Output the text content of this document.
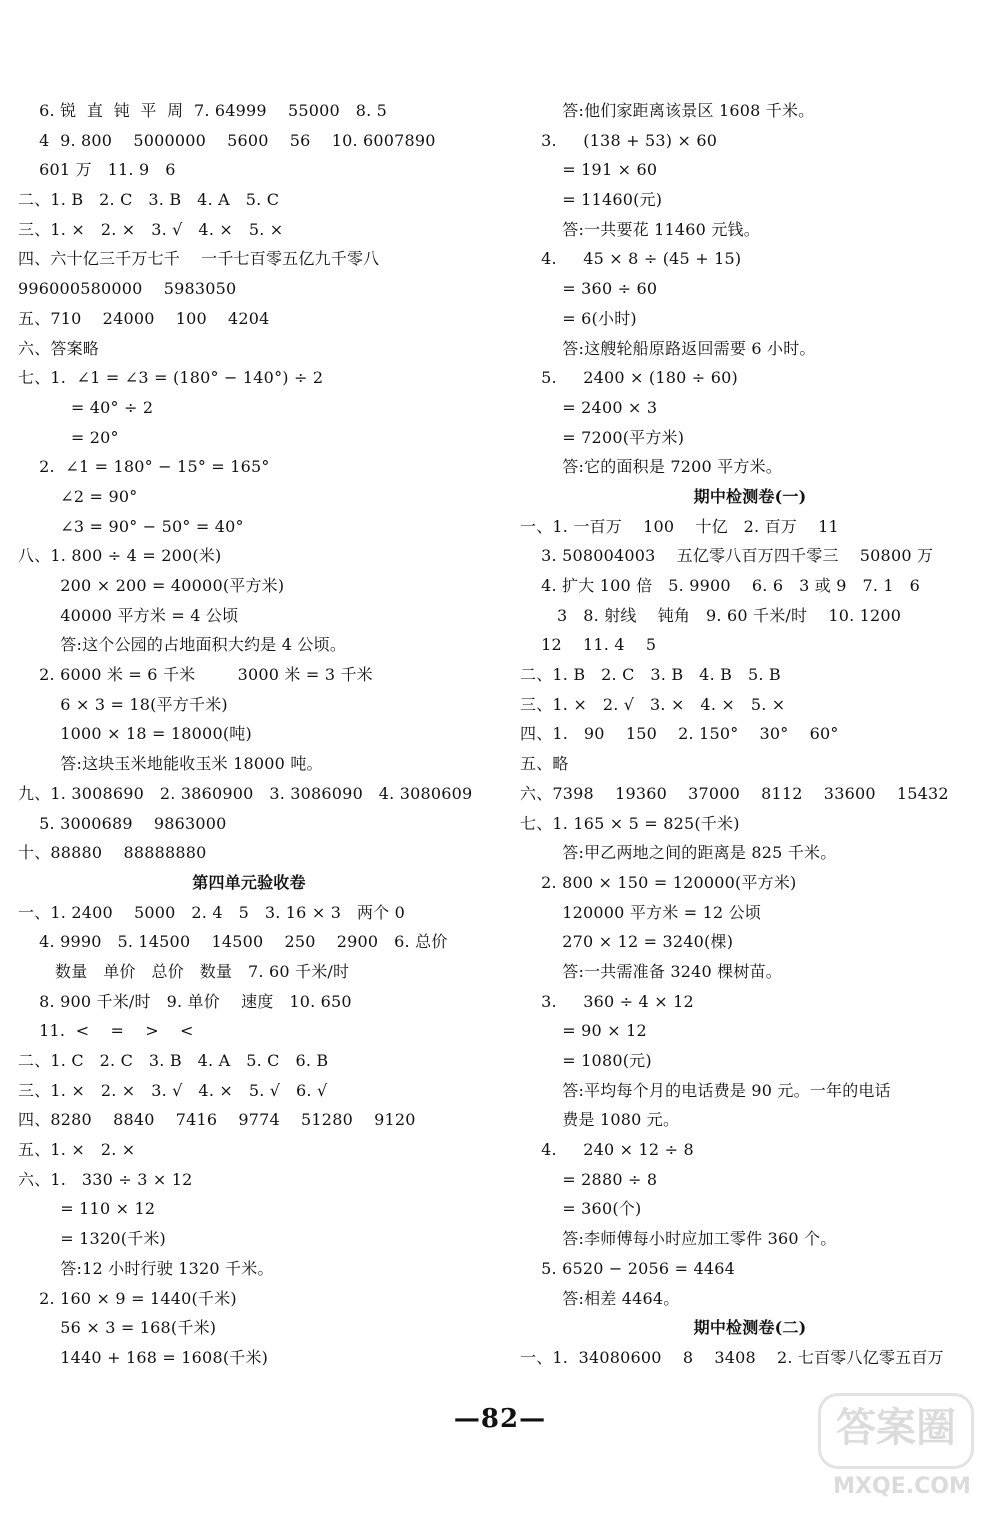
6. 锐  直  钝  平  周  7. 64999    55000   8. 5
4  9. 800    5000000    5600    56    10. 6007890
601 万   11. 9   6
二、1. B   2. C   3. B   4. A   5. C
三、1. ×   2. ×   3. √   4. ×   5. ×
四、六十亿三千万七千    一千七百零五亿九千零八
996000580000    5983050
五、710    24000    100    4204
六、答案略
七、1.  ∠1 = ∠3 = (180° − 140°) ÷ 2
= 40° ÷ 2
= 20°
2.  ∠1 = 180° − 15° = 165°
∠2 = 90°
∠3 = 90° − 50° = 40°
八、1. 800 ÷ 4 = 200(米)
200 × 200 = 40000(平方米)
40000 平方米 = 4 公顷
答:这个公园的占地面积大约是 4 公顷。
2. 6000 米 = 6 千米        3000 米 = 3 千米
6 × 3 = 18(平方千米)
1000 × 18 = 18000(吨)
答:这块玉米地能收玉米 18000 吨。
九、1. 3008690   2. 3860900   3. 3086090   4. 3080609
5. 3000689    9863000
十、88880    88888880
第四单元验收卷
一、1. 2400    5000   2. 4   5   3. 16 × 3   两个 0
4. 9990   5. 14500    14500    250    2900   6. 总价
数量   单价   总价   数量   7. 60 千米/时
8. 900 千米/时   9. 单价    速度   10. 650
11.  <    =    >    <
二、1. C   2. C   3. B   4. A   5. C   6. B
三、1. ×   2. ×   3. √   4. ×   5. √   6. √
四、8280    8840    7416    9774    51280    9120
五、1. ×   2. ×
六、1.   330 ÷ 3 × 12
= 110 × 12
= 1320(千米)
答:12 小时行驶 1320 千米。
2. 160 × 9 = 1440(千米)
56 × 3 = 168(千米)
1440 + 168 = 1608(千米)
答:他们家距离该景区 1608 千米。
3.     (138 + 53) × 60
= 191 × 60
= 11460(元)
答:一共要花 11460 元钱。
4.     45 × 8 ÷ (45 + 15)
= 360 ÷ 60
= 6(小时)
答:这艘轮船原路返回需要 6 小时。
5.     2400 × (180 ÷ 60)
= 2400 × 3
= 7200(平方米)
答:它的面积是 7200 平方米。
期中检测卷(一)
一、1. 一百万    100    十亿   2. 百万    11
3. 508004003    五亿零八百万四千零三    50800 万
4. 扩大 100 倍   5. 9900    6. 6   3 或 9   7. 1   6
3   8. 射线    钝角   9. 60 千米/时    10. 1200
12    11. 4    5
二、1. B   2. C   3. B   4. B   5. B
三、1. ×   2. √   3. ×   4. ×   5. ×
四、1.   90    150    2. 150°    30°    60°
五、略
六、7398    19360    37000    8112    33600    15432
七、1. 165 × 5 = 825(千米)
答:甲乙两地之间的距离是 825 千米。
2. 800 × 150 = 120000(平方米)
120000 平方米 = 12 公顷
270 × 12 = 3240(棵)
答:一共需准备 3240 棵树苗。
3.     360 ÷ 4 × 12
= 90 × 12
= 1080(元)
答:平均每个月的电话费是 90 元。一年的电话
费是 1080 元。
4.     240 × 12 ÷ 8
= 2880 ÷ 8
= 360(个)
答:李师傅每小时应加工零件 360 个。
5. 6520 − 2056 = 4464
答:相差 4464。
期中检测卷(二)
一、1.  34080600    8    3408    2. 七百零八亿零五百万
—82—	答案圈
MXQE.COM
